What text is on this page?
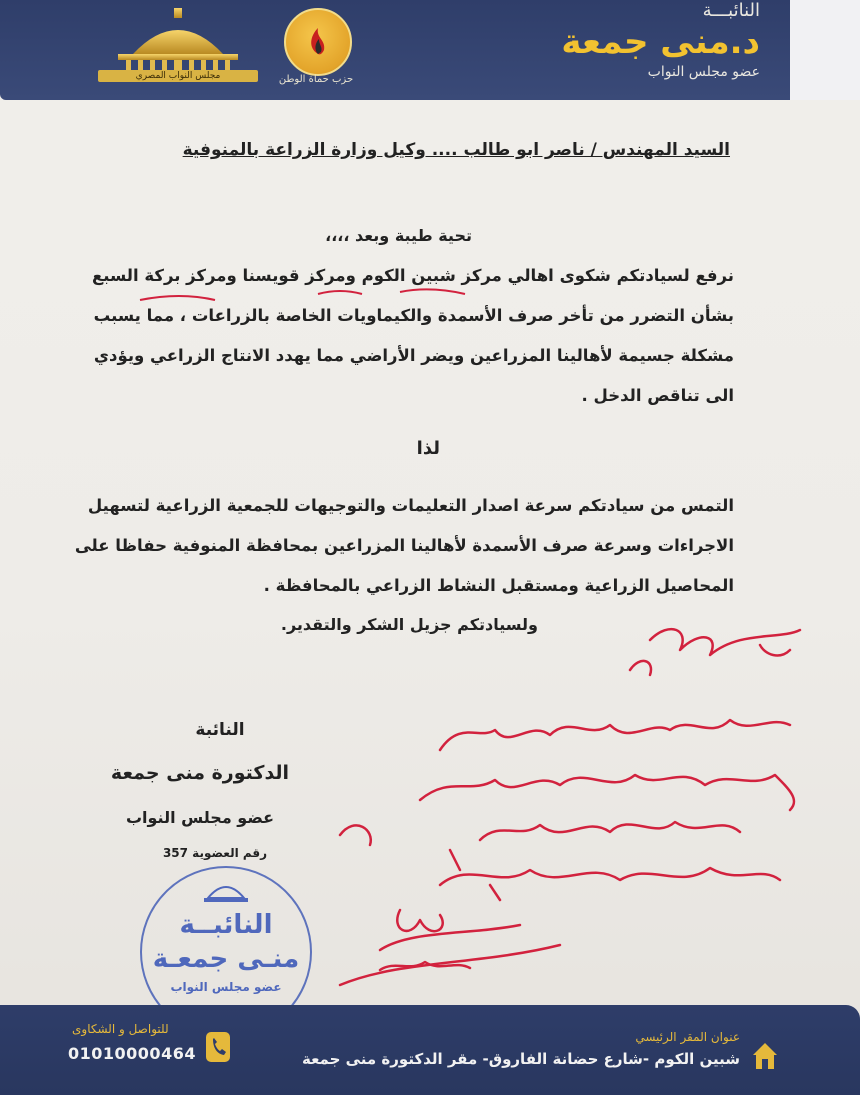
مجلس النواب المصري	حزب حماة الوطن
النائبـــة
د.منى جمعة
عضو مجلس النواب
السيد المهندس / ناصر ابو طالب .... وكيل وزارة الزراعة بالمنوفية
تحية طيبة وبعد ،،،،
نرفع لسيادتكم شكوى اهالي مركز شبين الكوم ومركز قويسنا ومركز بركة السبع
بشأن التضرر من تأخر صرف الأسمدة والكيماويات الخاصة بالزراعات ، مما يسبب
مشكلة جسيمة لأهالينا المزراعين ويضر الأراضي مما يهدد الانتاج الزراعي ويؤدي
الى تناقص الدخل .
لذا
التمس من سيادتكم سرعة اصدار التعليمات والتوجيهات للجمعية الزراعية لتسهيل
الاجراءات وسرعة صرف الأسمدة لأهالينا المزراعين بمحافظة المنوفية حفاظا على
المحاصيل الزراعية ومستقبل النشاط الزراعي بالمحافظة .
ولسيادتكم جزيل الشكر والتقدير.
النائبة
الدكتورة منى جمعة
عضو مجلس النواب
رقم العضوية 357
النائبــة
منـى جمعـة
عضو مجلس النواب
للتواصل و الشكاوى
01010000464
عنوان المقر الرئيسي
شبين الكوم -شارع حضانة الفاروق- مقر الدكتورة منى جمعة
